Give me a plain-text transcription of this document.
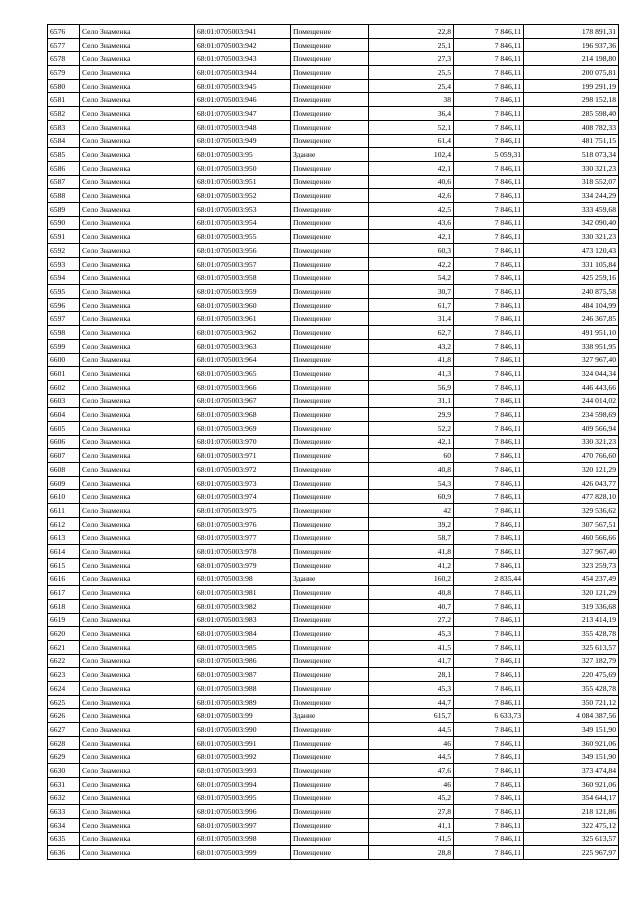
6576	Село Знаменка	68:01:0705003:941	Помещение	22,8	7 846,11	178 891,31
6577	Село Знаменка	68:01:0705003:942	Помещение	25,1	7 846,11	196 937,36
6578	Село Знаменка	68:01:0705003:943	Помещение	27,3	7 846,11	214 198,80
6579	Село Знаменка	68:01:0705003:944	Помещение	25,5	7 846,11	200 075,81
6580	Село Знаменка	68:01:0705003:945	Помещение	25,4	7 846,11	199 291,19
6581	Село Знаменка	68:01:0705003:946	Помещение	38	7 846,11	298 152,18
6582	Село Знаменка	68:01:0705003:947	Помещение	36,4	7 846,11	285 598,40
6583	Село Знаменка	68:01:0705003:948	Помещение	52,1	7 846,11	408 782,33
6584	Село Знаменка	68:01:0705003:949	Помещение	61,4	7 846,11	481 751,15
6585	Село Знаменка	68:01:0705003:95	Здание	102,4	5 059,31	518 073,34
6586	Село Знаменка	68:01:0705003:950	Помещение	42,1	7 846,11	330 321,23
6587	Село Знаменка	68:01:0705003:951	Помещение	40,6	7 846,11	318 552,07
6588	Село Знаменка	68:01:0705003:952	Помещение	42,6	7 846,11	334 244,29
6589	Село Знаменка	68:01:0705003:953	Помещение	42,5	7 846,11	333 459,68
6590	Село Знаменка	68:01:0705003:954	Помещение	43,6	7 846,11	342 090,40
6591	Село Знаменка	68:01:0705003:955	Помещение	42,1	7 846,11	330 321,23
6592	Село Знаменка	68:01:0705003:956	Помещение	60,3	7 846,11	473 120,43
6593	Село Знаменка	68:01:0705003:957	Помещение	42,2	7 846,11	331 105,84
6594	Село Знаменка	68:01:0705003:958	Помещение	54,2	7 846,11	425 259,16
6595	Село Знаменка	68:01:0705003:959	Помещение	30,7	7 846,11	240 875,58
6596	Село Знаменка	68:01:0705003:960	Помещение	61,7	7 846,11	484 104,99
6597	Село Знаменка	68:01:0705003:961	Помещение	31,4	7 846,11	246 367,85
6598	Село Знаменка	68:01:0705003:962	Помещение	62,7	7 846,11	491 951,10
6599	Село Знаменка	68:01:0705003:963	Помещение	43,2	7 846,11	338 951,95
6600	Село Знаменка	68:01:0705003:964	Помещение	41,8	7 846,11	327 967,40
6601	Село Знаменка	68:01:0705003:965	Помещение	41,3	7 846,11	324 044,34
6602	Село Знаменка	68:01:0705003:966	Помещение	56,9	7 846,11	446 443,66
6603	Село Знаменка	68:01:0705003:967	Помещение	31,1	7 846,11	244 014,02
6604	Село Знаменка	68:01:0705003:968	Помещение	29,9	7 846,11	234 598,69
6605	Село Знаменка	68:01:0705003:969	Помещение	52,2	7 846,11	409 566,94
6606	Село Знаменка	68:01:0705003:970	Помещение	42,1	7 846,11	330 321,23
6607	Село Знаменка	68:01:0705003:971	Помещение	60	7 846,11	470 766,60
6608	Село Знаменка	68:01:0705003:972	Помещение	40,8	7 846,11	320 121,29
6609	Село Знаменка	68:01:0705003:973	Помещение	54,3	7 846,11	426 043,77
6610	Село Знаменка	68:01:0705003:974	Помещение	60,9	7 846,11	477 828,10
6611	Село Знаменка	68:01:0705003:975	Помещение	42	7 846,11	329 536,62
6612	Село Знаменка	68:01:0705003:976	Помещение	39,2	7 846,11	307 567,51
6613	Село Знаменка	68:01:0705003:977	Помещение	58,7	7 846,11	460 566,66
6614	Село Знаменка	68:01:0705003:978	Помещение	41,8	7 846,11	327 967,40
6615	Село Знаменка	68:01:0705003:979	Помещение	41,2	7 846,11	323 259,73
6616	Село Знаменка	68:01:0705003:98	Здание	160,2	2 835,44	454 237,49
6617	Село Знаменка	68:01:0705003:981	Помещение	40,8	7 846,11	320 121,29
6618	Село Знаменка	68:01:0705003:982	Помещение	40,7	7 846,11	319 336,68
6619	Село Знаменка	68:01:0705003:983	Помещение	27,2	7 846,11	213 414,19
6620	Село Знаменка	68:01:0705003:984	Помещение	45,3	7 846,11	355 428,78
6621	Село Знаменка	68:01:0705003:985	Помещение	41,5	7 846,11	325 613,57
6622	Село Знаменка	68:01:0705003:986	Помещение	41,7	7 846,11	327 182,79
6623	Село Знаменка	68:01:0705003:987	Помещение	28,1	7 846,11	220 475,69
6624	Село Знаменка	68:01:0705003:988	Помещение	45,3	7 846,11	355 428,78
6625	Село Знаменка	68:01:0705003:989	Помещение	44,7	7 846,11	350 721,12
6626	Село Знаменка	68:01:0705003:99	Здание	615,7	6 633,73	4 084 387,56
6627	Село Знаменка	68:01:0705003:990	Помещение	44,5	7 846,11	349 151,90
6628	Село Знаменка	68:01:0705003:991	Помещение	46	7 846,11	360 921,06
6629	Село Знаменка	68:01:0705003:992	Помещение	44,5	7 846,11	349 151,90
6630	Село Знаменка	68:01:0705003:993	Помещение	47,6	7 846,11	373 474,84
6631	Село Знаменка	68:01:0705003:994	Помещение	46	7 846,11	360 921,06
6632	Село Знаменка	68:01:0705003:995	Помещение	45,2	7 846,11	354 644,17
6633	Село Знаменка	68:01:0705003:996	Помещение	27,8	7 846,11	218 121,86
6634	Село Знаменка	68:01:0705003:997	Помещение	41,1	7 846,11	322 475,12
6635	Село Знаменка	68:01:0705003:998	Помещение	41,5	7 846,11	325 613,57
6636	Село Знаменка	68:01:0705003:999	Помещение	28,8	7 846,11	225 967,97
